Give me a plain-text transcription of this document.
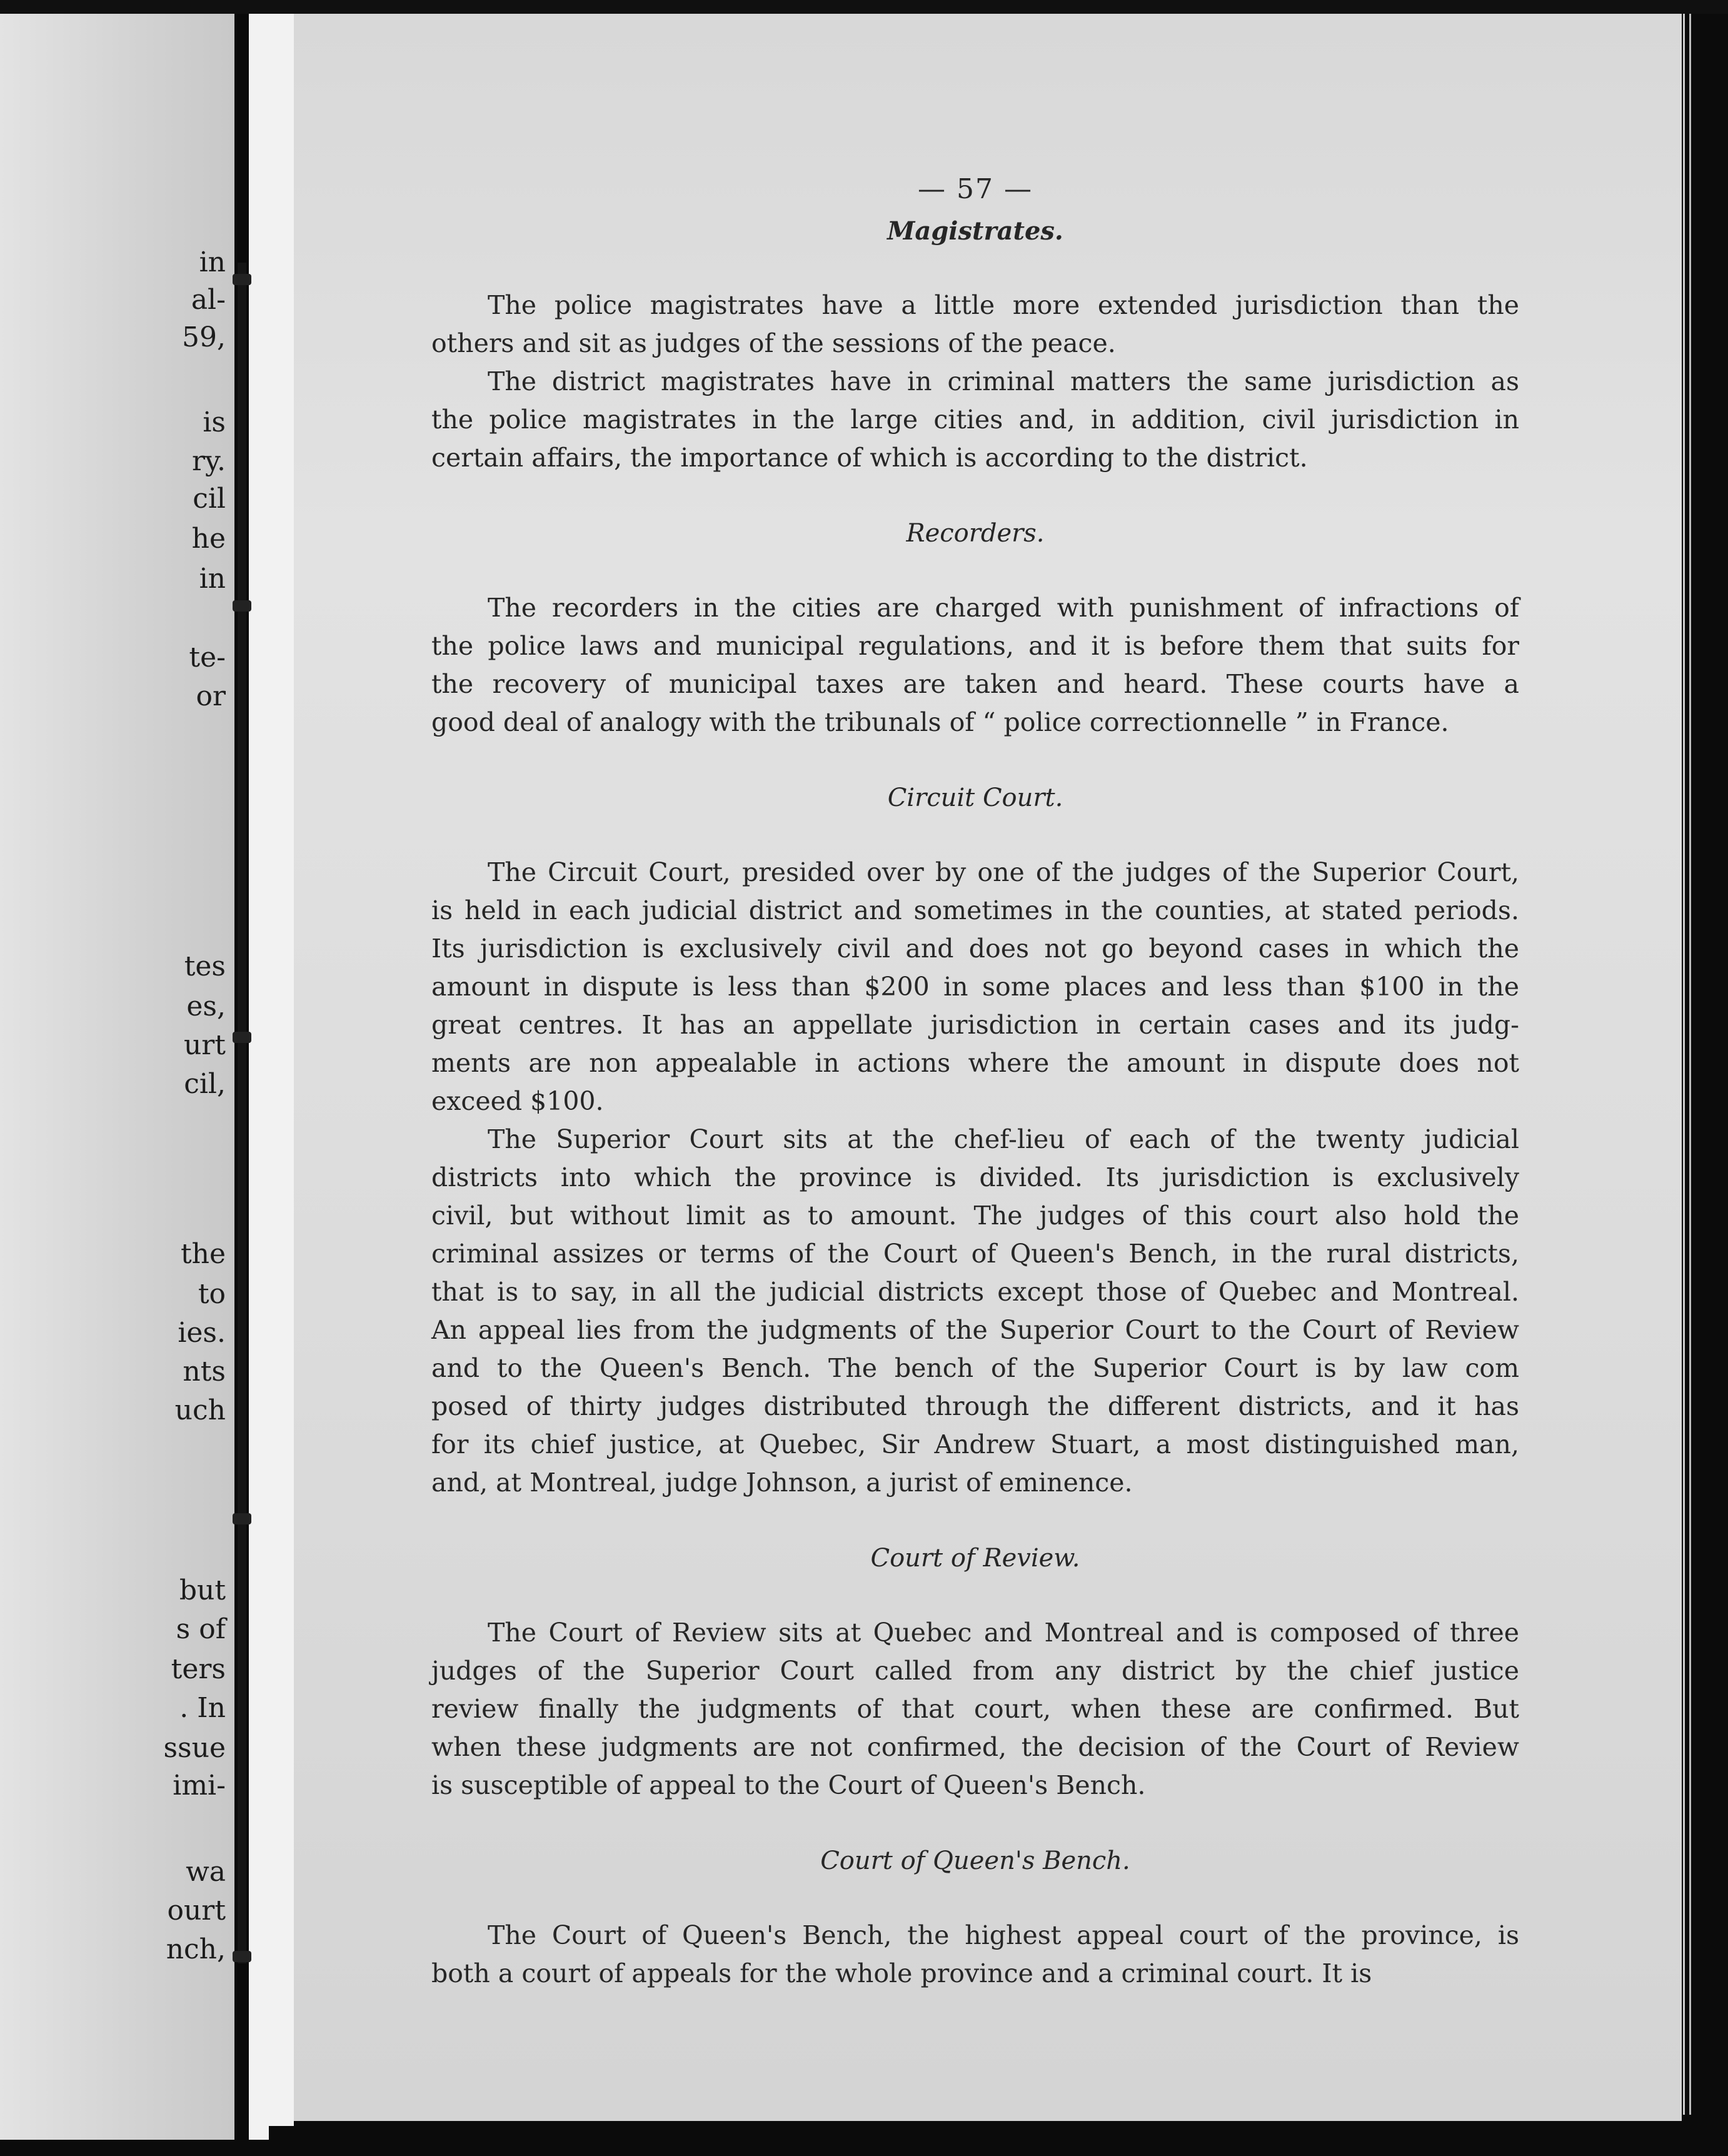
in
al-
59,
is
ry.
cil
he
in
te-
or
tes
es,
urt
cil,
the
to
ies.
nts
uch
but
s of
ters
. In
ssue
imi-
wa
ourt
nch,
— 57 —
Magistrates.
The police magistrates have a little more extended jurisdiction than the
others and sit as judges of the sessions of the peace.
The district magistrates have in criminal matters the same jurisdiction as
the police magistrates in the large cities and, in addition, civil jurisdiction in
certain affairs, the importance of which is according to the district.
Recorders.
The recorders in the cities are charged with punishment of infractions of
the police laws and municipal regulations, and it is before them that suits for
the recovery of municipal taxes are taken and heard. These courts have a
good deal of analogy with the tribunals of “ police correctionnelle ” in France.
Circuit Court.
The Circuit Court, presided over by one of the judges of the Superior Court,
is held in each judicial district and sometimes in the counties, at stated periods.
Its jurisdiction is exclusively civil and does not go beyond cases in which the
amount in dispute is less than $200 in some places and less than $100 in the
great centres. It has an appellate jurisdiction in certain cases and its judg-
ments are non appealable in actions where the amount in dispute does not
exceed $100.
The Superior Court sits at the chef-lieu of each of the twenty judicial
districts into which the province is divided. Its jurisdiction is exclusively
civil, but without limit as to amount. The judges of this court also hold the
criminal assizes or terms of the Court of Queen's Bench, in the rural districts,
that is to say, in all the judicial districts except those of Quebec and Montreal.
An appeal lies from the judgments of the Superior Court to the Court of Review
and to the Queen's Bench. The bench of the Superior Court is by law com
posed of thirty judges distributed through the different districts, and it has
for its chief justice, at Quebec, Sir Andrew Stuart, a most distinguished man,
and, at Montreal, judge Johnson, a jurist of eminence.
Court of Review.
The Court of Review sits at Quebec and Montreal and is composed of three
judges of the Superior Court called from any district by the chief justice
review finally the judgments of that court, when these are confirmed. But
when these judgments are not confirmed, the decision of the Court of Review
is susceptible of appeal to the Court of Queen's Bench.
Court of Queen's Bench.
The Court of Queen's Bench, the highest appeal court of the province, is
both a court of appeals for the whole province and a criminal court. It is
